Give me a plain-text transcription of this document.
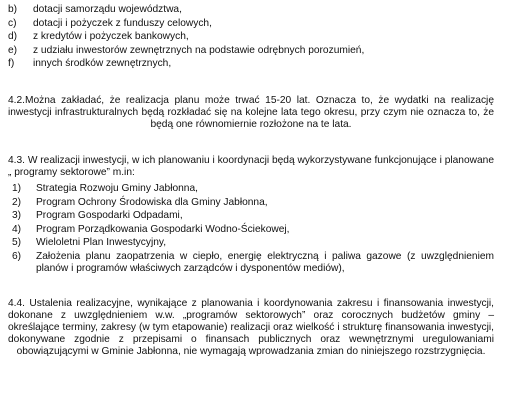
b)	dotacji samorządu województwa,
c)	dotacji i pożyczek z funduszy celowych,
d)	z kredytów i pożyczek bankowych,
e)	z udziału inwestorów zewnętrznych na podstawie odrębnych porozumień,
f)	innych środków zewnętrznych,

4.2.Można zakładać, że realizacja planu może trwać 15-20 lat. Oznacza to, że wydatki na realizację inwestycji infrastrukturalnych będą rozkładać się na kolejne lata tego okresu, przy czym nie oznacza to, że będą one równomiernie rozłożone na te lata.

4.3. W realizacji inwestycji, w ich planowaniu i koordynacji będą wykorzystywane funkcjonujące i planowane „ programy sektorowe” m.in:

1) Strategia Rozwoju Gminy Jabłonna,
2) Program Ochrony Środowiska dla Gminy Jabłonna,
3) Program Gospodarki Odpadami,
4) Program Porządkowania Gospodarki Wodno-Ściekowej,
5) Wieloletni Plan Inwestycyjny,
6) Założenia planu zaopatrzenia w ciepło, energię elektryczną i paliwa gazowe (z uwzględnieniem planów i programów właściwych zarządców i dysponentów mediów),

4.4. Ustalenia realizacyjne, wynikające z planowania i koordynowania zakresu i finansowania inwestycji, dokonane z uwzględnieniem w.w. „programów sektorowych” oraz corocznych budżetów gminy – określające terminy, zakresy (w tym etapowanie) realizacji oraz wielkość i strukturę finansowania inwestycji, dokonywane zgodnie z przepisami o finansach publicznych oraz wewnętrznymi uregulowaniami obowiązującymi w Gminie Jabłonna, nie wymagają wprowadzania zmian do niniejszego rozstrzygnięcia.
